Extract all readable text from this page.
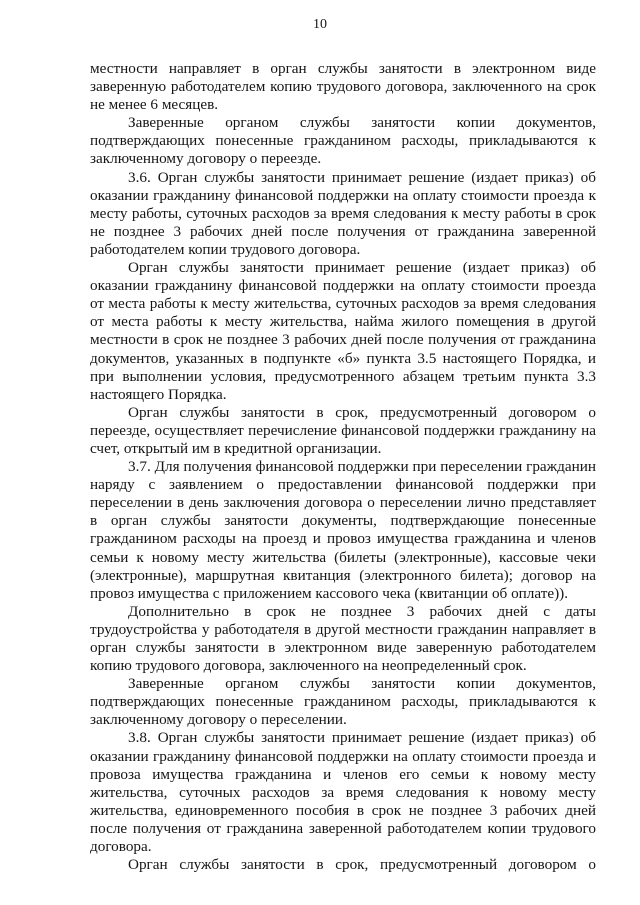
10

местности направляет в орган службы занятости в электронном виде заверенную работодателем копию трудового договора, заключенного на срок не менее 6 месяцев.

Заверенные органом службы занятости копии документов, подтверждающих понесенные гражданином расходы, прикладываются к заключенному договору о переезде.

3.6. Орган службы занятости принимает решение (издает приказ) об оказании гражданину финансовой поддержки на оплату стоимости проезда к месту работы, суточных расходов за время следования к месту работы в срок не позднее 3 рабочих дней после получения от гражданина заверенной работодателем копии трудового договора.

Орган службы занятости принимает решение (издает приказ) об оказании гражданину финансовой поддержки на оплату стоимости проезда от места работы к месту жительства, суточных расходов за время следования от места работы к месту жительства, найма жилого помещения в другой местности в срок не позднее 3 рабочих дней после получения от гражданина документов, указанных в подпункте «б» пункта 3.5 настоящего Порядка, и при выполнении условия, предусмотренного абзацем третьим пункта 3.3 настоящего Порядка.

Орган службы занятости в срок, предусмотренный договором о переезде, осуществляет перечисление финансовой поддержки гражданину на счет, открытый им в кредитной организации.

3.7. Для получения финансовой поддержки при переселении гражданин наряду с заявлением о предоставлении финансовой поддержки при переселении в день заключения договора о переселении лично представляет в орган службы занятости документы, подтверждающие понесенные гражданином расходы на проезд и провоз имущества гражданина и членов семьи к новому месту жительства (билеты (электронные), кассовые чеки (электронные), маршрутная квитанция (электронного билета); договор на провоз имущества с приложением кассового чека (квитанции об оплате)).

Дополнительно в срок не позднее 3 рабочих дней с даты трудоустройства у работодателя в другой местности гражданин направляет в орган службы занятости в электронном виде заверенную работодателем копию трудового договора, заключенного на неопределенный срок.

Заверенные органом службы занятости копии документов, подтверждающих понесенные гражданином расходы, прикладываются к заключенному договору о переселении.

3.8. Орган службы занятости принимает решение (издает приказ) об оказании гражданину финансовой поддержки на оплату стоимости проезда и провоза имущества гражданина и членов его семьи к новому месту жительства, суточных расходов за время следования к новому месту жительства, единовременного пособия в срок не позднее 3 рабочих дней после получения от гражданина заверенной работодателем копии трудового договора.

Орган службы занятости в срок, предусмотренный договором о
